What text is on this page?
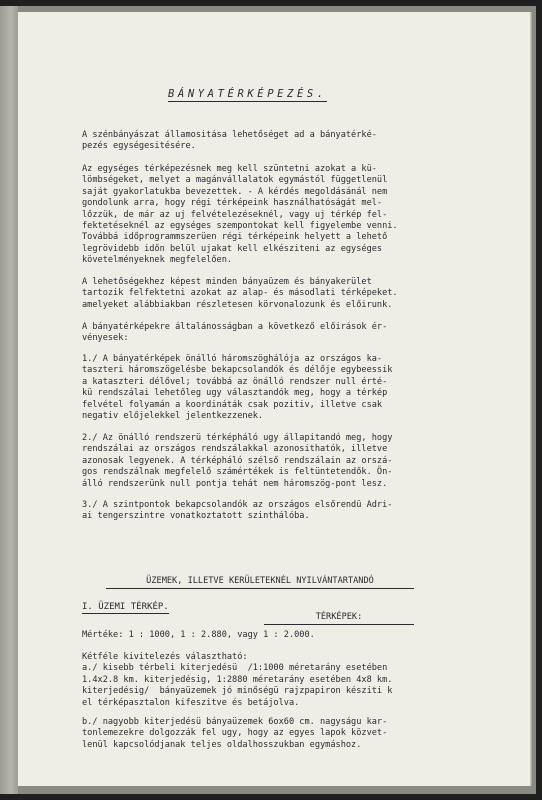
BÁNYATÉRKÉPEZÉS.

A szénbányászat államositása lehetőséget ad a bányatérké-
pezés egységesitésére.

Az egységes térképezésnek meg kell szüntetni azokat a kü-
lömbségeket, melyet a magánvállalatok egymástól függetlenül
saját gyakorlatukba bevezettek. - A kérdés megoldásánál nem
gondolunk arra, hogy régi térképeink használhatóságát mel-
lőzzük, de már az uj felvételezéseknél, vagy uj térkép fel-
fektetéseknél az egységes szempontokat kell figyelembe venni.
Továbbá időprogrammszerüen régi térképeink helyett a lehető
legrövidebb időn belül ujakat kell elkésziteni az egységes
követelményeknek megfelelően.

A lehetőségekhez képest minden bányaüzem és bányakerület
tartozik felfektetni azokat az alap- és másodlati térképeket.
amelyeket alábbiakban részletesen körvonalozunk és előirunk.

A bányatérképekre általánosságban a következő előirások ér-
vényesek:

1./ A bányatérképek önálló háromszöghálója az országos ka-
taszteri háromszögelésbe bekapcsolandók és délője egybeessik
a kataszteri délővel; továbbá az önálló rendszer null érté-
kü rendszálai lehetőleg ugy választandók meg, hogy a térkép
felvétel folyamán a koordináták csak pozitiv, illetve csak
negativ előjelekkel jelentkezzenek.

2./ Az önálló rendszerü térképháló ugy állapitandó meg, hogy
rendszálai az országos rendszálakkal azonosithatók, illetve
azonosak legyenek. A térképháló szélső rendszálain az orszá-
gos rendszálnak megfelelő számértékek is feltüntetendők. Ön-
álló rendszerünk null pontja tehát nem háromszög-pont lesz.

3./ A szintpontok bekapcsolandók az országos elsőrendü Adri-
ai tengerszintre vonatkoztatott szinthálóba.

ÜZEMEK, ILLETVE KERÜLETEKNÉL NYILVÁNTARTANDÓ

TÉRKÉPEK:

I. ÜZEMI TÉRKÉP.

Mértéke: 1 : 1000, 1 : 2.880, vagy 1 : 2.000.

Kétféle kivitelezés választható:
a./ kisebb térbeli kiterjedésü  /1:1000 méretarány esetében
1.4x2.8 km. kiterjedésig, 1:2880 méretarány esetében 4x8 km.
kiterjedésig/  bányaüzemek jó minőségü rajzpapiron késziti k
el térképasztalon kifeszitve és betájolva.

b./ nagyobb kiterjedésü bányaüzemek 6ox60 cm. nagyságu kar-
tonlemezekre dolgozzák fel ugy, hogy az egyes lapok közvet-
lenül kapcsolódjanak teljes oldalhosszukban egymáshoz.
